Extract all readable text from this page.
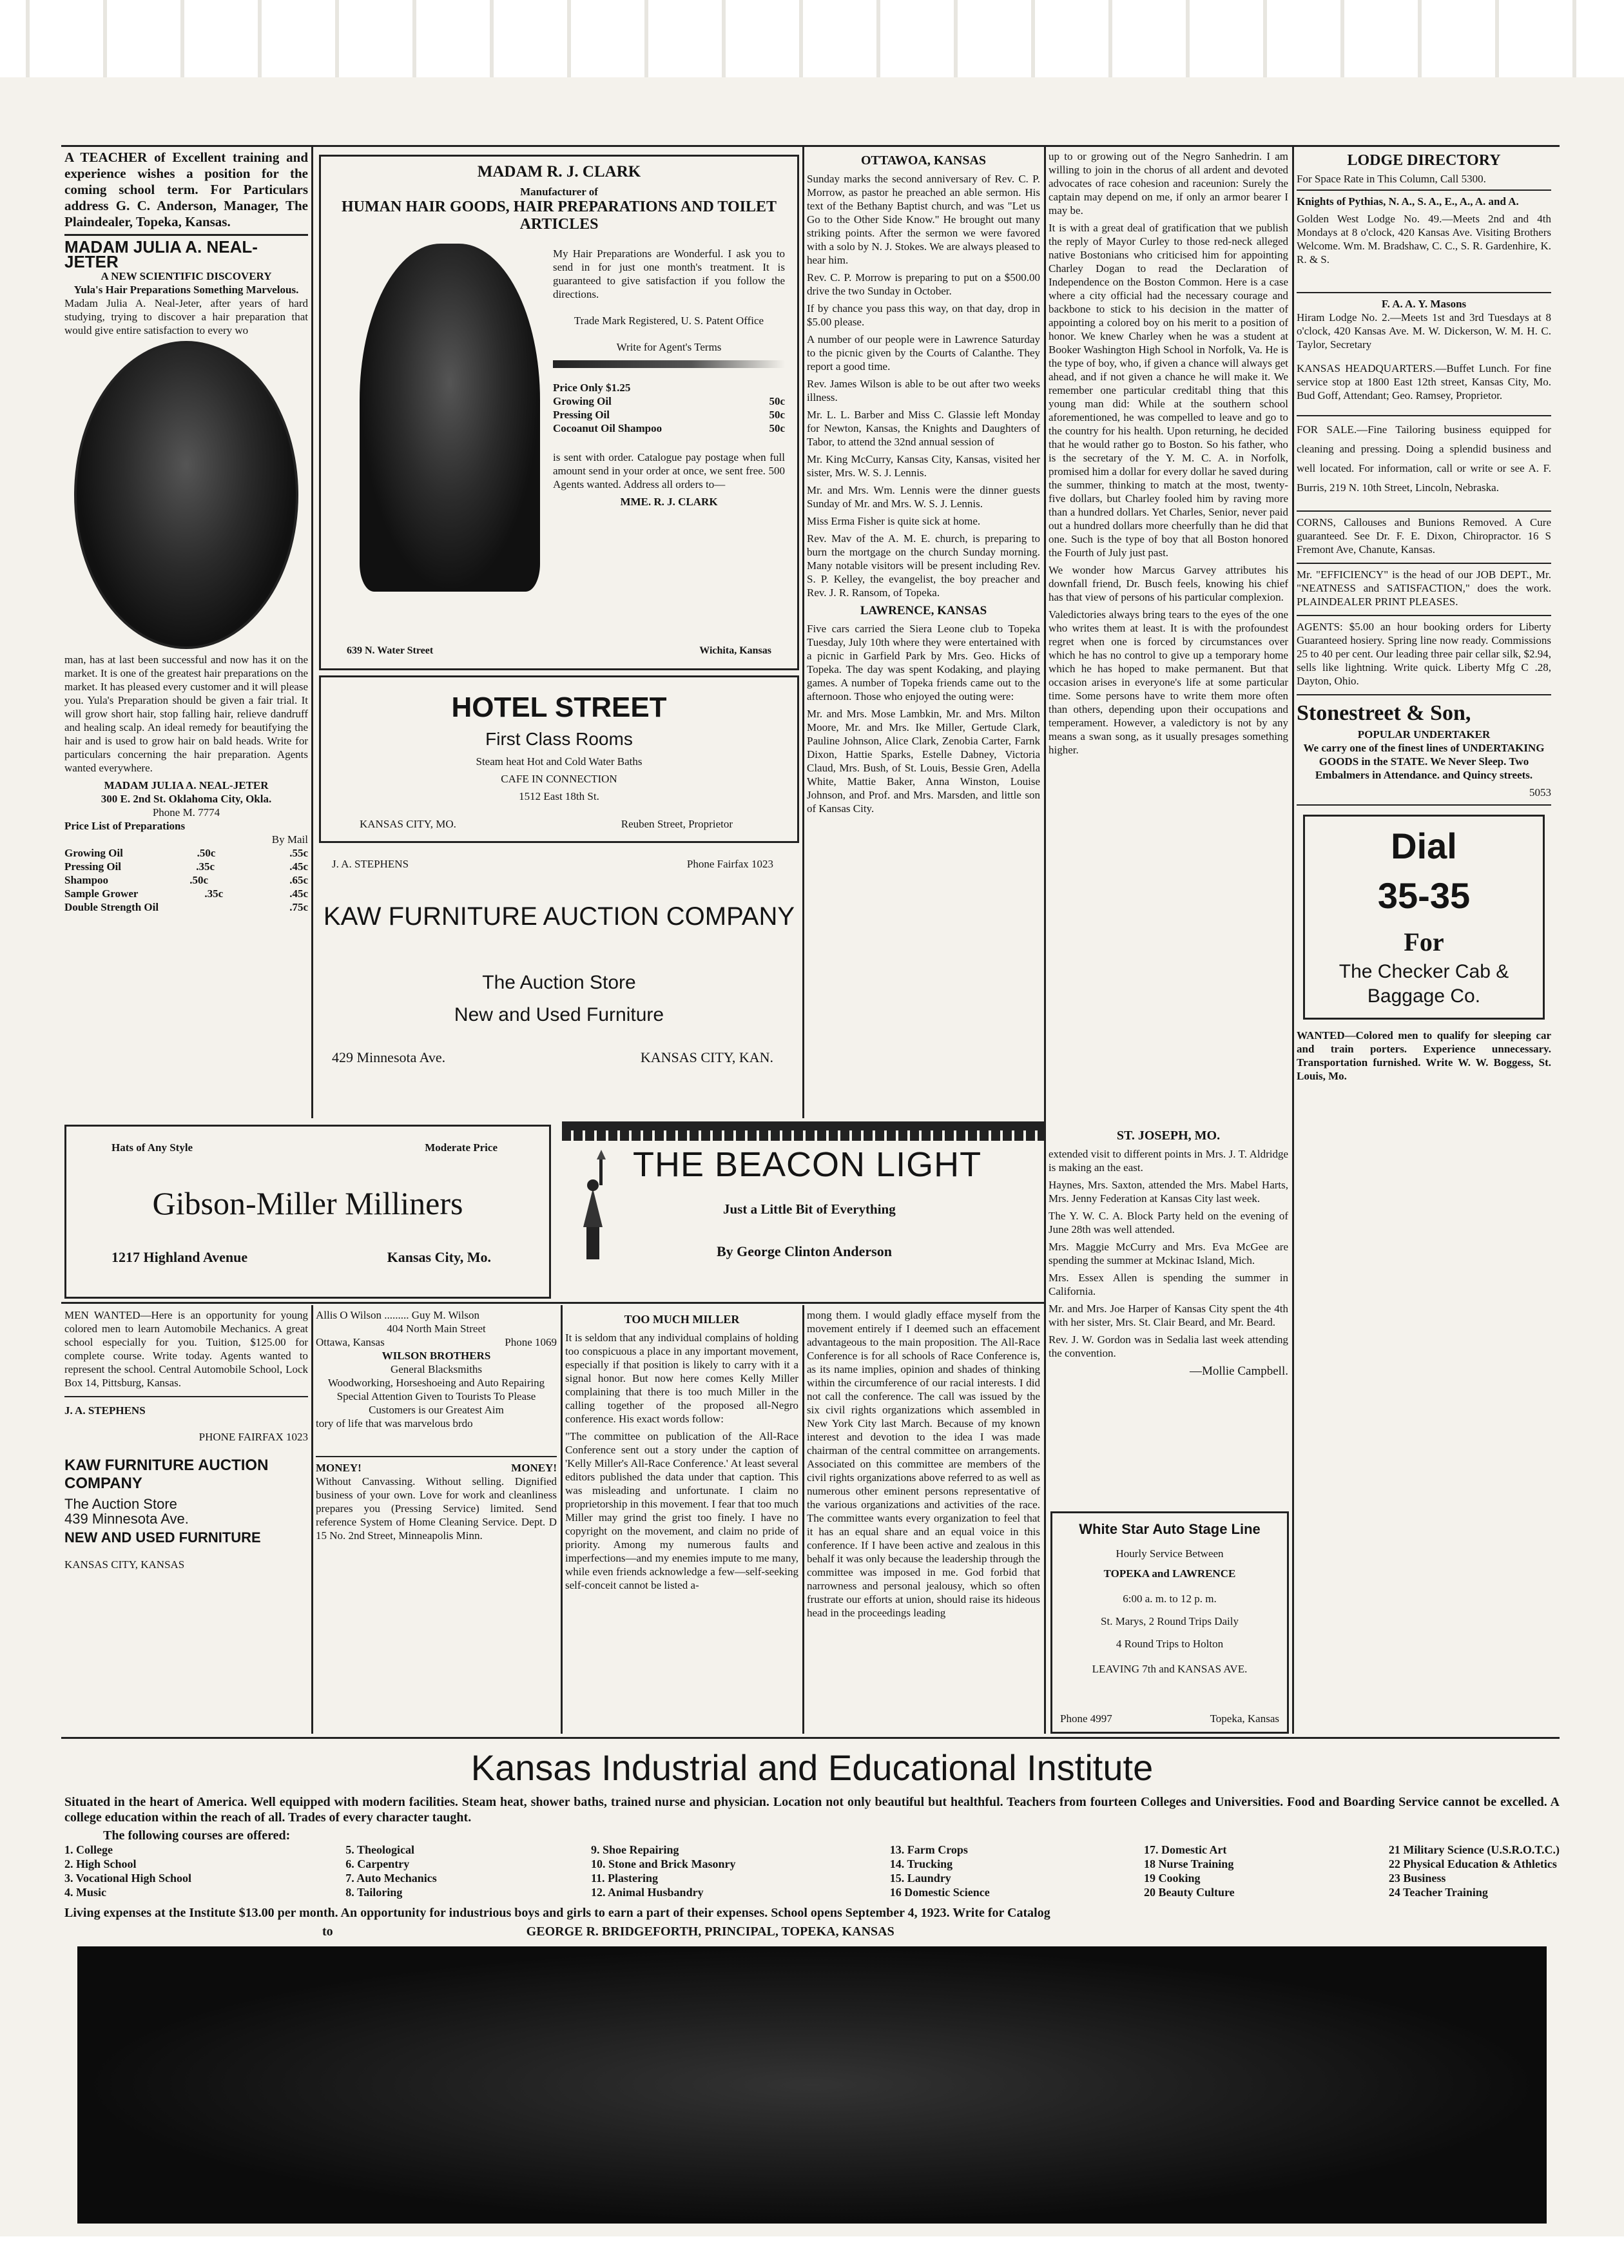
A TEACHER of Excellent training and experience wishes a position for the coming school term. For Particulars address G. C. Anderson, Manager, The Plaindealer, Topeka, Kansas.

MADAM JULIA A. NEAL-JETER
A NEW SCIENTIFIC DISCOVERY
Yula's Hair Preparations Something Marvelous.

Madam Julia A. Neal-Jeter, after years of hard studying, trying to discover a hair preparation that would give entire satisfaction to every wo

man, has at last been successful and now has it on the market. It is one of the greatest hair preparations on the market. It has pleased every customer and it will please you. Yula's Preparation should be given a fair trial. It will grow short hair, stop falling hair, relieve dandruff and healing scalp. An ideal remedy for beautifying the hair and is used to grow hair on bald heads. Write for particulars concerning the hair preparation. Agents wanted everywhere.

MADAM JULIA A. NEAL-JETER
300 E. 2nd St. Oklahoma City, Okla.
Phone M. 7774
Price List of Preparations
By Mail
Growing Oil	.50c	.55c
Pressing Oil	.35c	.45c
Shampoo	.50c	.65c
Sample Grower	.35c	.45c
Double Strength Oil	.75c
MADAM R. J. CLARK
Manufacturer of
HUMAN HAIR GOODS, HAIR PREPARATIONS AND TOILET ARTICLES

My Hair Preparations are Wonderful. I ask you to send in for just one month's treatment. It is guaranteed to give satisfaction if you follow the directions.

Trade Mark Registered, U. S. Patent Office
Write for Agent's Terms
Price Only $1.25
Growing Oil	50c
Pressing Oil	50c
Cocoanut Oil Shampoo	50c

is sent with order. Catalogue pay postage when full amount send in your order at once, we sent free. 500 Agents wanted. Address all orders to—

MME. R. J. CLARK
639 N. Water Street	Wichita, Kansas
HOTEL STREET
First Class Rooms
Steam heat Hot and Cold Water Baths
CAFE IN CONNECTION
1512 East 18th St.
KANSAS CITY, MO.	Reuben Street, Proprietor
J. A. STEPHENS	Phone Fairfax 1023
KAW FURNITURE AUCTION COMPANY
The Auction Store
New and Used Furniture
429 Minnesota Ave.	KANSAS CITY, KAN.
OTTAWOA, KANSAS

Sunday marks the second anniversary of Rev. C. P. Morrow, as pastor he preached an able sermon. His text of the Bethany Baptist church, and was "Let us Go to the Other Side Know." He brought out many striking points. After the sermon we were favored with a solo by N. J. Stokes. We are always pleased to hear him.

Rev. C. P. Morrow is preparing to put on a $500.00 drive the two Sunday in October.

If by chance you pass this way, on that day, drop in $5.00 please.

A number of our people were in Lawrence Saturday to the picnic given by the Courts of Calanthe. They report a good time.

Rev. James Wilson is able to be out after two weeks illness.

Mr. L. L. Barber and Miss C. Glassie left Monday for Newton, Kansas, the Knights and Daughters of Tabor, to attend the 32nd annual session of

Mr. King McCurry, Kansas City, Kansas, visited her sister, Mrs. W. S. J. Lennis.

Mr. and Mrs. Wm. Lennis were the dinner guests Sunday of Mr. and Mrs. W. S. J. Lennis.

Miss Erma Fisher is quite sick at home.

Rev. Mav of the A. M. E. church, is preparing to burn the mortgage on the church Sunday morning. Many notable visitors will be present including Rev. S. P. Kelley, the evangelist, the boy preacher and Rev. J. R. Ransom, of Topeka.

LAWRENCE, KANSAS

Five cars carried the Siera Leone club to Topeka Tuesday, July 10th where they were entertained with a picnic in Garfield Park by Mrs. Geo. Hicks of Topeka. The day was spent Kodaking, and playing games. A number of Topeka friends came out to the afternoon. Those who enjoyed the outing were:

Mr. and Mrs. Mose Lambkin, Mr. and Mrs. Milton Moore, Mr. and Mrs. Ike Miller, Gertude Clark, Pauline Johnson, Alice Clark, Zenobia Carter, Farnk Dixon, Hattie Sparks, Estelle Dabney, Victoria Claud, Mrs. Bush, of St. Louis, Bessie Gren, Adella White, Mattie Baker, Anna Winston, Louise Johnson, and Prof. and Mrs. Marsden, and little son of Kansas City.

up to or growing out of the Negro Sanhedrin. I am willing to join in the chorus of all ardent and devoted advocates of race cohesion and raceunion: Surely the captain may depend on me, if only an armor bearer I may be.

It is with a great deal of gratification that we publish the reply of Mayor Curley to those red-neck alleged native Bostonians who criticised him for appointing Charley Dogan to read the Declaration of Independence on the Boston Common. Here is a case where a city official had the necessary courage and backbone to stick to his decision in the matter of appointing a colored boy on his merit to a position of honor. We knew Charley when he was a student at Booker Washington High School in Norfolk, Va. He is the type of boy, who, if given a chance will always get ahead, and if not given a chance he will make it. We remember one particular creditabl thing that this young man did: While at the southern school aforementioned, he was compelled to leave and go to the country for his health. Upon returning, he decided that he would rather go to Boston. So his father, who is the secretary of the Y. M. C. A. in Norfolk, promised him a dollar for every dollar he saved during the summer, thinking to match at the most, twenty-five dollars, but Charley fooled him by raving more than a hundred dollars. Yet Charles, Senior, never paid out a hundred dollars more cheerfully than he did that one. Such is the type of boy that all Boston honored the Fourth of July just past.

We wonder how Marcus Garvey attributes his downfall friend, Dr. Busch feels, knowing his chief has that view of persons of his particular complexion.

Valedictories always bring tears to the eyes of the one who writes them at least. It is with the profoundest regret when one is forced by circumstances over which he has no control to give up a temporary home which he has hoped to make permanent. But that occasion arises in everyone's life at some particular time. Some persons have to write them more often than others, depending upon their occupations and temperament. However, a valedictory is not by any means a swan song, as it usually presages something higher.

ST. JOSEPH, MO.

extended visit to different points in Mrs. J. T. Aldridge is making an the east.

Haynes, Mrs. Saxton, attended the Mrs. Mabel Harts, Mrs. Jenny Federation at Kansas City last week.

The Y. W. C. A. Block Party held on the evening of June 28th was well attended.

Mrs. Maggie McCurry and Mrs. Eva McGee are spending the summer at Mckinac Island, Mich.

Mrs. Essex Allen is spending the summer in California.

Mr. and Mrs. Joe Harper of Kansas City spent the 4th with her sister, Mrs. St. Clair Beard, and Mr. Beard.

Rev. J. W. Gordon was in Sedalia last week attending the convention.

—Mollie Campbell.
White Star Auto Stage Line
Hourly Service Between
TOPEKA and LAWRENCE
6:00 a. m. to 12 p. m.
St. Marys, 2 Round Trips Daily
4 Round Trips to Holton
LEAVING 7th and KANSAS AVE.
Phone 4997	Topeka, Kansas
LODGE DIRECTORY

For Space Rate in This Column, Call 5300.

Knights of Pythias, N. A., S. A., E., A., A. and A.

Golden West Lodge No. 49.—Meets 2nd and 4th Mondays at 8 o'clock, 420 Kansas Ave. Visiting Brothers Welcome. Wm. M. Bradshaw, C. C., S. R. Gardenhire, K. R. & S.

F. A. A. Y. Masons

Hiram Lodge No. 2.—Meets 1st and 3rd Tuesdays at 8 o'clock, 420 Kansas Ave. M. W. Dickerson, W. M. H. C. Taylor, Secretary

KANSAS HEADQUARTERS.—Buffet Lunch. For fine service stop at 1800 East 12th street, Kansas City, Mo. Bud Goff, Attendant; Geo. Ramsey, Proprietor.

FOR SALE.—Fine Tailoring business equipped for cleaning and pressing. Doing a splendid business and well located. For information, call or write or see A. F. Burris, 219 N. 10th Street, Lincoln, Nebraska.

CORNS, Callouses and Bunions Removed. A Cure guaranteed. See Dr. F. E. Dixon, Chiropractor. 16 S Fremont Ave, Chanute, Kansas.

Mr. "EFFICIENCY" is the head of our JOB DEPT., Mr. "NEATNESS and SATISFACTION," does the work. PLAINDEALER PRINT PLEASES.

AGENTS: $5.00 an hour booking orders for Liberty Guaranteed hosiery. Spring line now ready. Commissions 25 to 40 per cent. Our leading three pair cellar silk, $2.94, sells like lightning. Write quick. Liberty Mfg C .28, Dayton, Ohio.

Stonestreet & Son,
POPULAR UNDERTAKER

We carry one of the finest lines of UNDERTAKING GOODS in the STATE. We Never Sleep. Two Embalmers in Attendance. and Quincy streets.

5053
Dial
35-35
For
The Checker Cab & Baggage Co.

WANTED—Colored men to qualify for sleeping car and train porters. Experience unnecessary. Transportation furnished. Write W. W. Boggess, St. Louis, Mo.

Hats of Any Style	Moderate Price
Gibson-Miller Milliners
1217 Highland Avenue	Kansas City, Mo.
THE BEACON LIGHT
Just a Little Bit of Everything
By George Clinton Anderson

MEN WANTED—Here is an opportunity for young colored men to learn Automobile Mechanics. A great school especially for you. Tuition, $125.00 for complete course. Write today. Agents wanted to represent the school. Central Automobile School, Lock Box 14, Pittsburg, Kansas.

J. A. STEPHENS
PHONE FAIRFAX 1023
KAW FURNITURE AUCTION COMPANY
The Auction Store
439 Minnesota Ave.
NEW AND USED FURNITURE
KANSAS CITY, KANSAS
Allis O Wilson ......... Guy M. Wilson
404 North Main Street
Ottawa, Kansas	Phone 1069
WILSON BROTHERS
General Blacksmiths
Woodworking, Horseshoeing and Auto Repairing
Special Attention Given to Tourists To Please Customers is our Greatest Aim
tory of life that was marvelous brdo
MONEY!	MONEY!

Without Canvassing. Without selling. Dignified business of your own. Love for work and cleanliness prepares you (Pressing Service) limited. Send reference System of Home Cleaning Service. Dept. D 15 No. 2nd Street, Minneapolis Minn.

TOO MUCH MILLER

It is seldom that any individual complains of holding too conspicuous a place in any important movement, especially if that position is likely to carry with it a signal honor. But now here comes Kelly Miller complaining that there is too much Miller in the calling together of the proposed all-Negro conference. His exact words follow:

"The committee on publication of the All-Race Conference sent out a story under the caption of 'Kelly Miller's All-Race Conference.' At least several editors published the data under that caption. This was misleading and unfortunate. I claim no proprietorship in this movement. I fear that too much Miller may grind the grist too finely. I have no copyright on the movement, and claim no pride of priority. Among my numerous faults and imperfections—and my enemies impute to me many, while even friends acknowledge a few—self-seeking self-conceit cannot be listed a-

mong them. I would gladly efface myself from the movement entirely if I deemed such an effacement advantageous to the main proposition. The All-Race Conference is for all schools of Race Conference is, as its name implies, opinion and shades of thinking within the circumference of our racial interests. I did not call the conference. The call was issued by the six civil rights organizations which assembled in New York City last March. Because of my known interest and devotion to the idea I was made chairman of the central committee on arrangements. Associated on this committee are members of the civil rights organizations above referred to as well as numerous other eminent persons representative of the various organizations and activities of the race. The committee wants every organization to feel that it has an equal share and an equal voice in this conference. If I have been active and zealous in this behalf it was only because the leadership through the committee was imposed in me. God forbid that narrowness and personal jealousy, which so often frustrate our efforts at union, should raise its hideous head in the proceedings leading

Kansas Industrial and Educational Institute

Situated in the heart of America. Well equipped with modern facilities. Steam heat, shower baths, trained nurse and physician. Location not only beautiful but healthful. Teachers from fourteen Colleges and Universities. Food and Boarding Service cannot be excelled. A college education within the reach of all. Trades of every character taught.

The following courses are offered:
1. College
2. High School
3. Vocational High School
4. Music
5. Theological
6. Carpentry
7. Auto Mechanics
8. Tailoring
9. Shoe Repairing
10. Stone and Brick Masonry
11. Plastering
12. Animal Husbandry
13. Farm Crops
14. Trucking
15. Laundry
16 Domestic Science
17. Domestic Art
18 Nurse Training
19 Cooking
20 Beauty Culture
21 Military Science (U.S.R.O.T.C.)
22 Physical Education & Athletics
23 Business
24 Teacher Training

Living expenses at the Institute $13.00 per month. An opportunity for industrious boys and girls to earn a part of their expenses. School opens September 4, 1923. Write for Catalog

to	GEORGE R. BRIDGEFORTH, PRINCIPAL, TOPEKA, KANSAS
